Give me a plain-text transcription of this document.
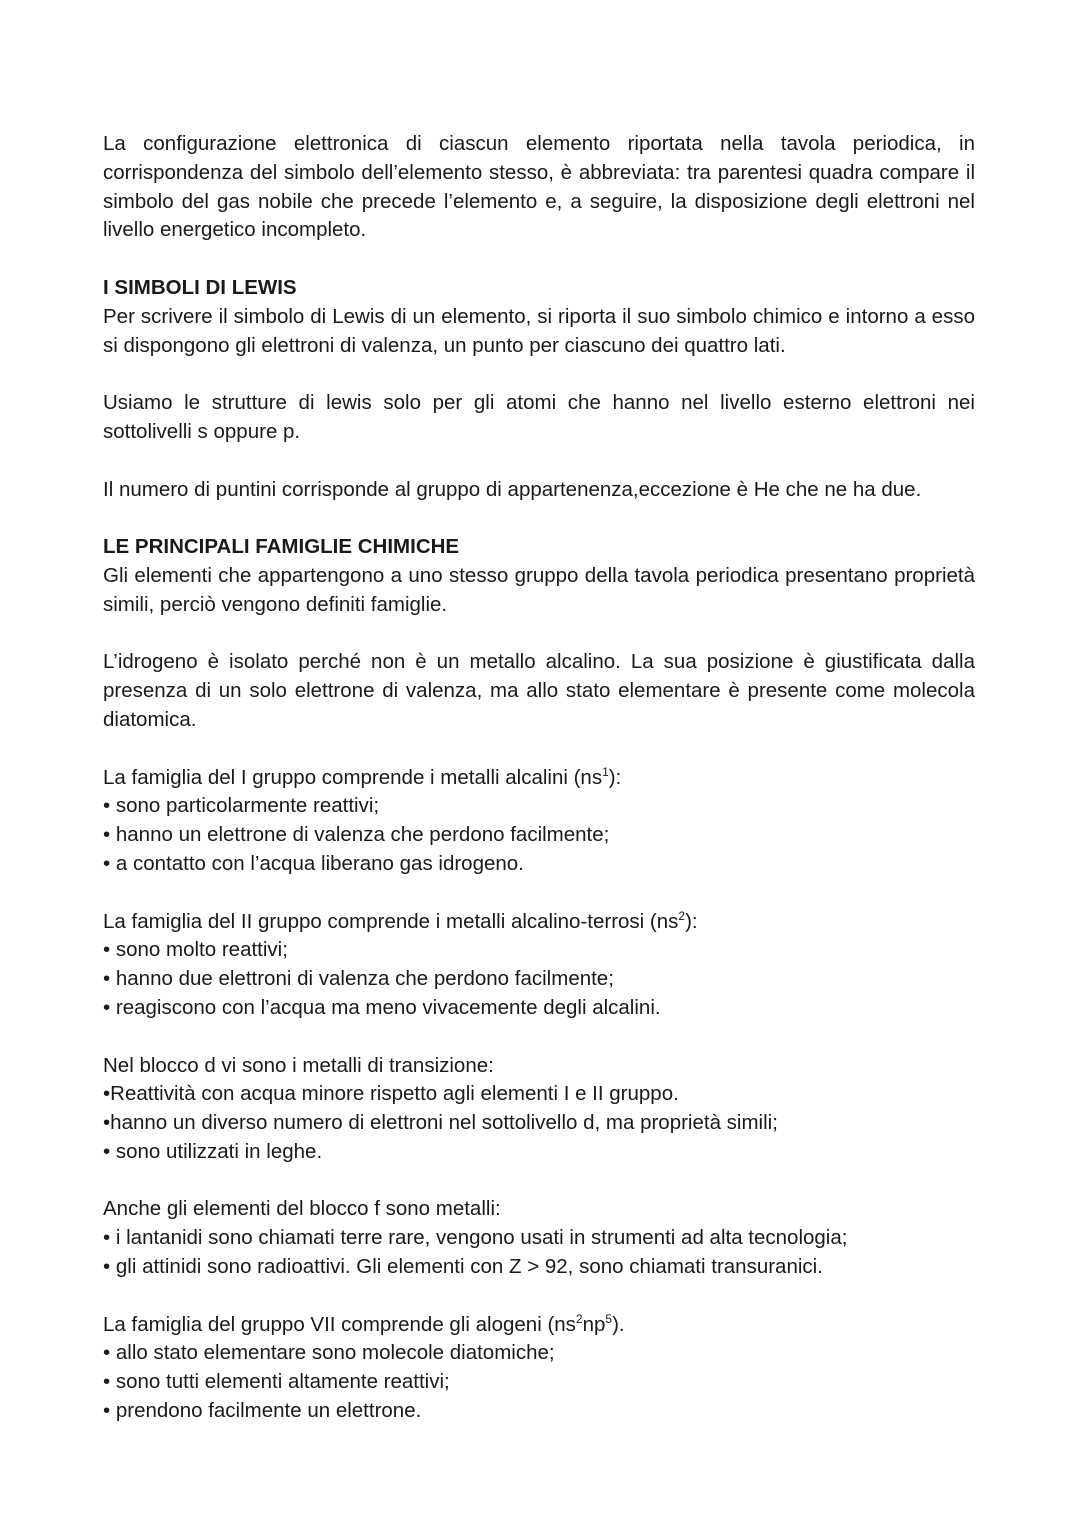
La configurazione elettronica di ciascun elemento riportata nella tavola periodica, in corrispondenza del simbolo dell’elemento stesso, è abbreviata: tra parentesi quadra compare il simbolo del gas nobile che precede l’elemento e, a seguire, la disposizione degli elettroni nel livello energetico incompleto.

I SIMBOLI DI LEWIS

Per scrivere il simbolo di Lewis di un elemento, si riporta il suo simbolo chimico e intorno a esso si dispongono gli elettroni di valenza, un punto per ciascuno dei quattro lati.

Usiamo le strutture di lewis solo per gli atomi che hanno nel livello esterno elettroni nei sottolivelli s oppure p.

Il numero di puntini corrisponde al gruppo di appartenenza,eccezione è He che ne ha due.

LE PRINCIPALI FAMIGLIE CHIMICHE

Gli elementi che appartengono a uno stesso gruppo della tavola periodica presentano proprietà simili, perciò vengono definiti famiglie.

L’idrogeno è isolato perché non è un metallo alcalino. La sua posizione è giustificata dalla presenza di un solo elettrone di valenza, ma allo stato elementare è presente come molecola diatomica.

La famiglia del I gruppo comprende i metalli alcalini $(ns^1)$:

• sono particolarmente reattivi;

• hanno un elettrone di valenza che perdono facilmente;

• a contatto con l’acqua liberano gas idrogeno.

La famiglia del II gruppo comprende i metalli alcalino-terrosi $(ns^2)$:

• sono molto reattivi;

• hanno due elettroni di valenza che perdono facilmente;

• reagiscono con l’acqua ma meno vivacemente degli alcalini.

Nel blocco d vi sono i metalli di transizione:

•Reattività con acqua minore rispetto agli elementi I e II gruppo.

•hanno un diverso numero di elettroni nel sottolivello d, ma proprietà simili;

• sono utilizzati in leghe.

Anche gli elementi del blocco f sono metalli:

• i lantanidi sono chiamati terre rare, vengono usati in strumenti ad alta tecnologia;

• gli attinidi sono radioattivi. Gli elementi con Z > 92, sono chiamati transuranici.

La famiglia del gruppo VII comprende gli alogeni $(ns^2np^5)$.

• allo stato elementare sono molecole diatomiche;

• sono tutti elementi altamente reattivi;

• prendono facilmente un elettrone.
